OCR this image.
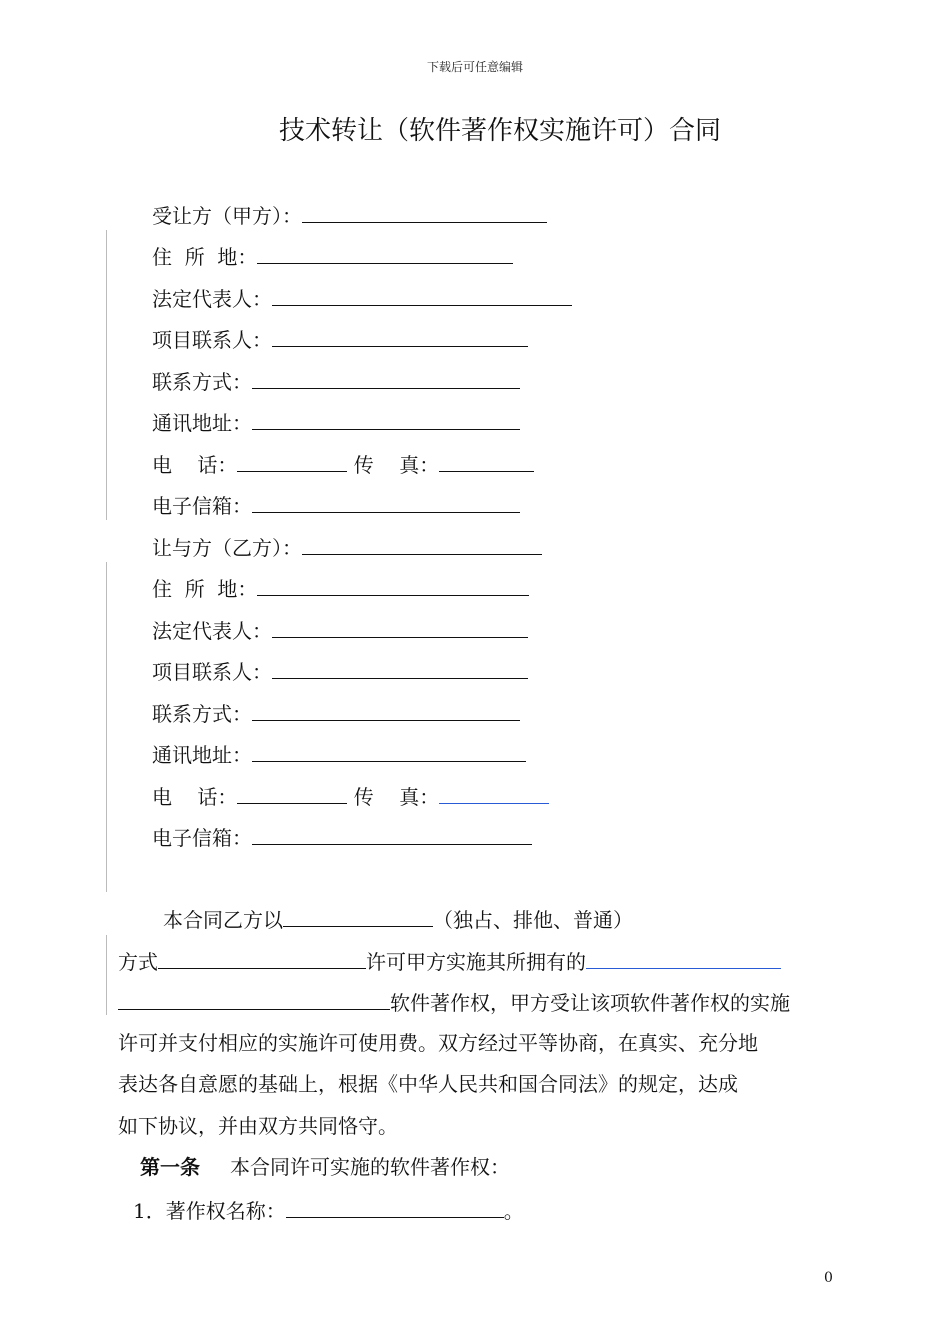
下载后可任意编辑
技术转让（软件著作权实施许可）合同
受让方（甲方）：
住  所  地：
法定代表人：
项目联系人：
联系方式：
通讯地址：
电    话：	传    真：
电子信箱：
让与方（乙方）：
住  所  地：
法定代表人：
项目联系人：
联系方式：
通讯地址：
电    话：	传    真：
电子信箱：
本合同乙方以	（独占、排他、普通）
方式	许可甲方实施其所拥有的
软件著作权，甲方受让该项软件著作权的实施
许可并支付相应的实施许可使用费。双方经过平等协商，在真实、充分地
表达各自意愿的基础上，根据《中华人民共和国合同法》的规定，达成
如下协议，并由双方共同恪守。
第一条 本合同许可实施的软件著作权：
1．著作权名称：	。
0
